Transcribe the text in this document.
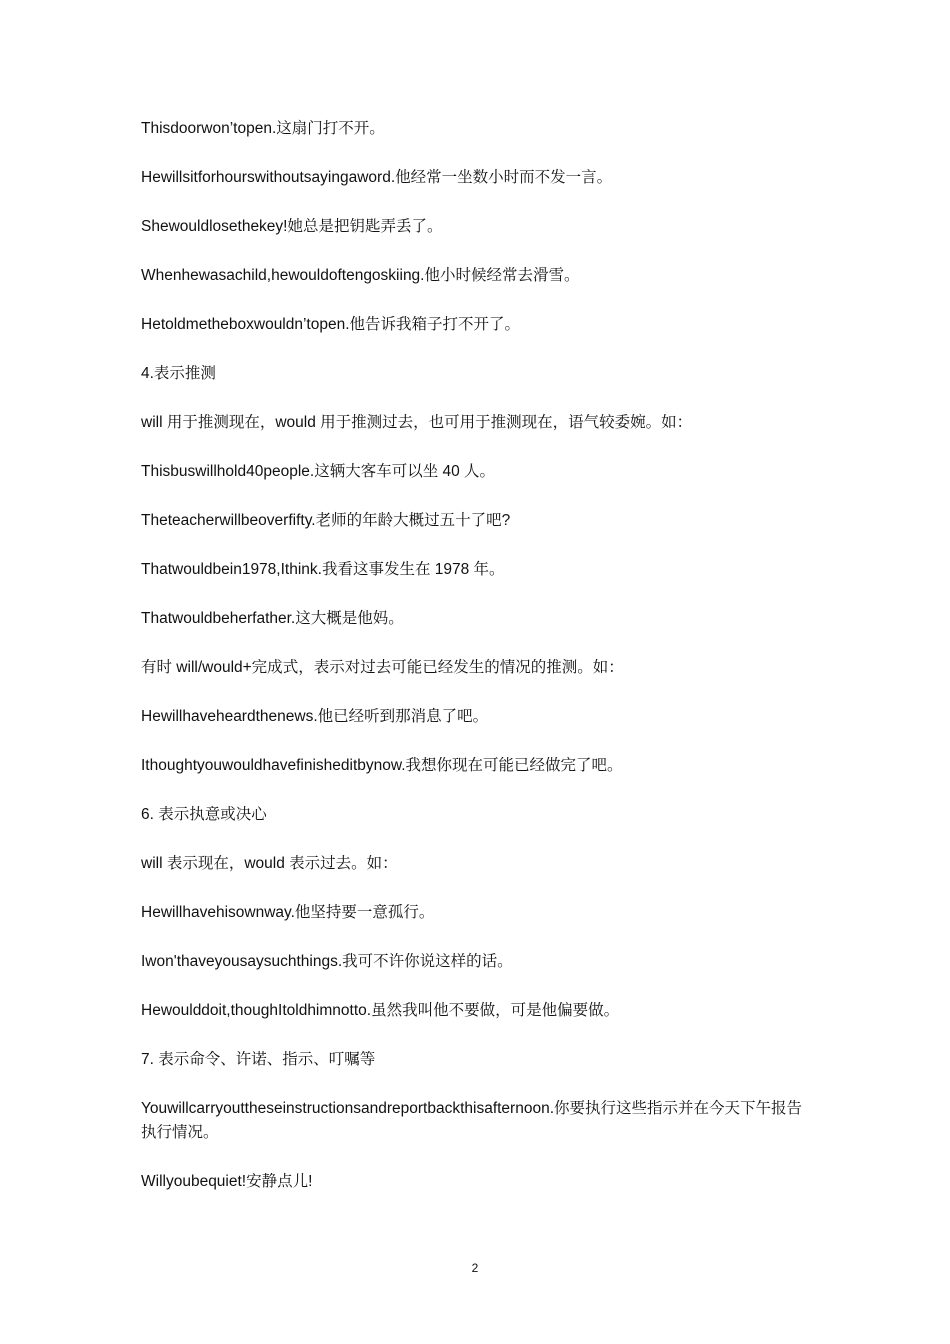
Thisdoorwon’topen.这扇门打不开。

Hewillsitforhourswithoutsayingaword.他经常一坐数小时而不发一言。

Shewouldlosethekey!她总是把钥匙弄丢了。

Whenhewasachild,hewouldoftengoskiing.他小时候经常去滑雪。

Hetoldmetheboxwouldn’topen.他告诉我箱子打不开了。

4.表示推测

will 用于推测现在，would 用于推测过去，也可用于推测现在，语气较委婉。如：

Thisbuswillhold40people.这辆大客车可以坐 40 人。

Theteacherwillbeoverfifty.老师的年龄大概过五十了吧?

Thatwouldbein1978,Ithink.我看这事发生在 1978 年。

Thatwouldbeherfather.这大概是他妈。

有时 will/would+完成式，表示对过去可能已经发生的情况的推测。如：

Hewillhaveheardthenews.他已经听到那消息了吧。

Ithoughtyouwouldhavefinisheditbynow.我想你现在可能已经做完了吧。

6. 表示执意或决心

will 表示现在，would 表示过去。如：

Hewillhavehisownway.他坚持要一意孤行。

Iwon'thaveyousaysuchthings.我可不许你说这样的话。

Hewoulddoit,thoughItoldhimnotto.虽然我叫他不要做，可是他偏要做。

7. 表示命令、许诺、指示、叮嘱等

Youwillcarryouttheseinstructionsandreportbackthisafternoon.你要执行这些指示并在今天下午报告执行情况。

Willyoubequiet!安静点儿!

2
